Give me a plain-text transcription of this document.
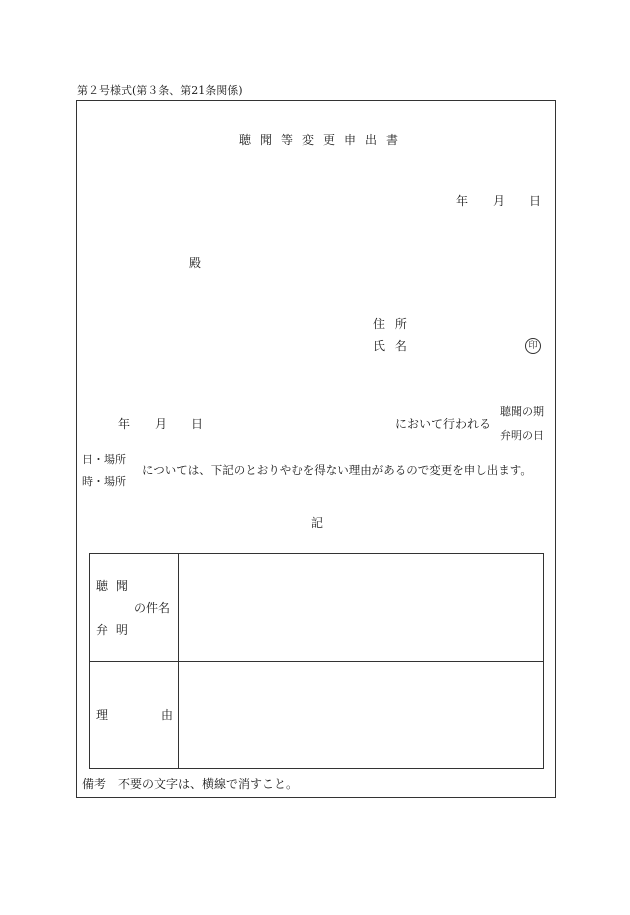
第２号様式(第３条、第21条関係)
聴聞等変更申出書
年 月 日
殿
住 所
氏 名	印
年 月 日	において行われる
聴聞の期
弁明の日
日・場所
時・場所
については、下記のとおりやむを得ない理由があるので変更を申し出ます。
記
聴 聞
の件名
弁 明
理	由
備考　不要の文字は、横線で消すこと。
